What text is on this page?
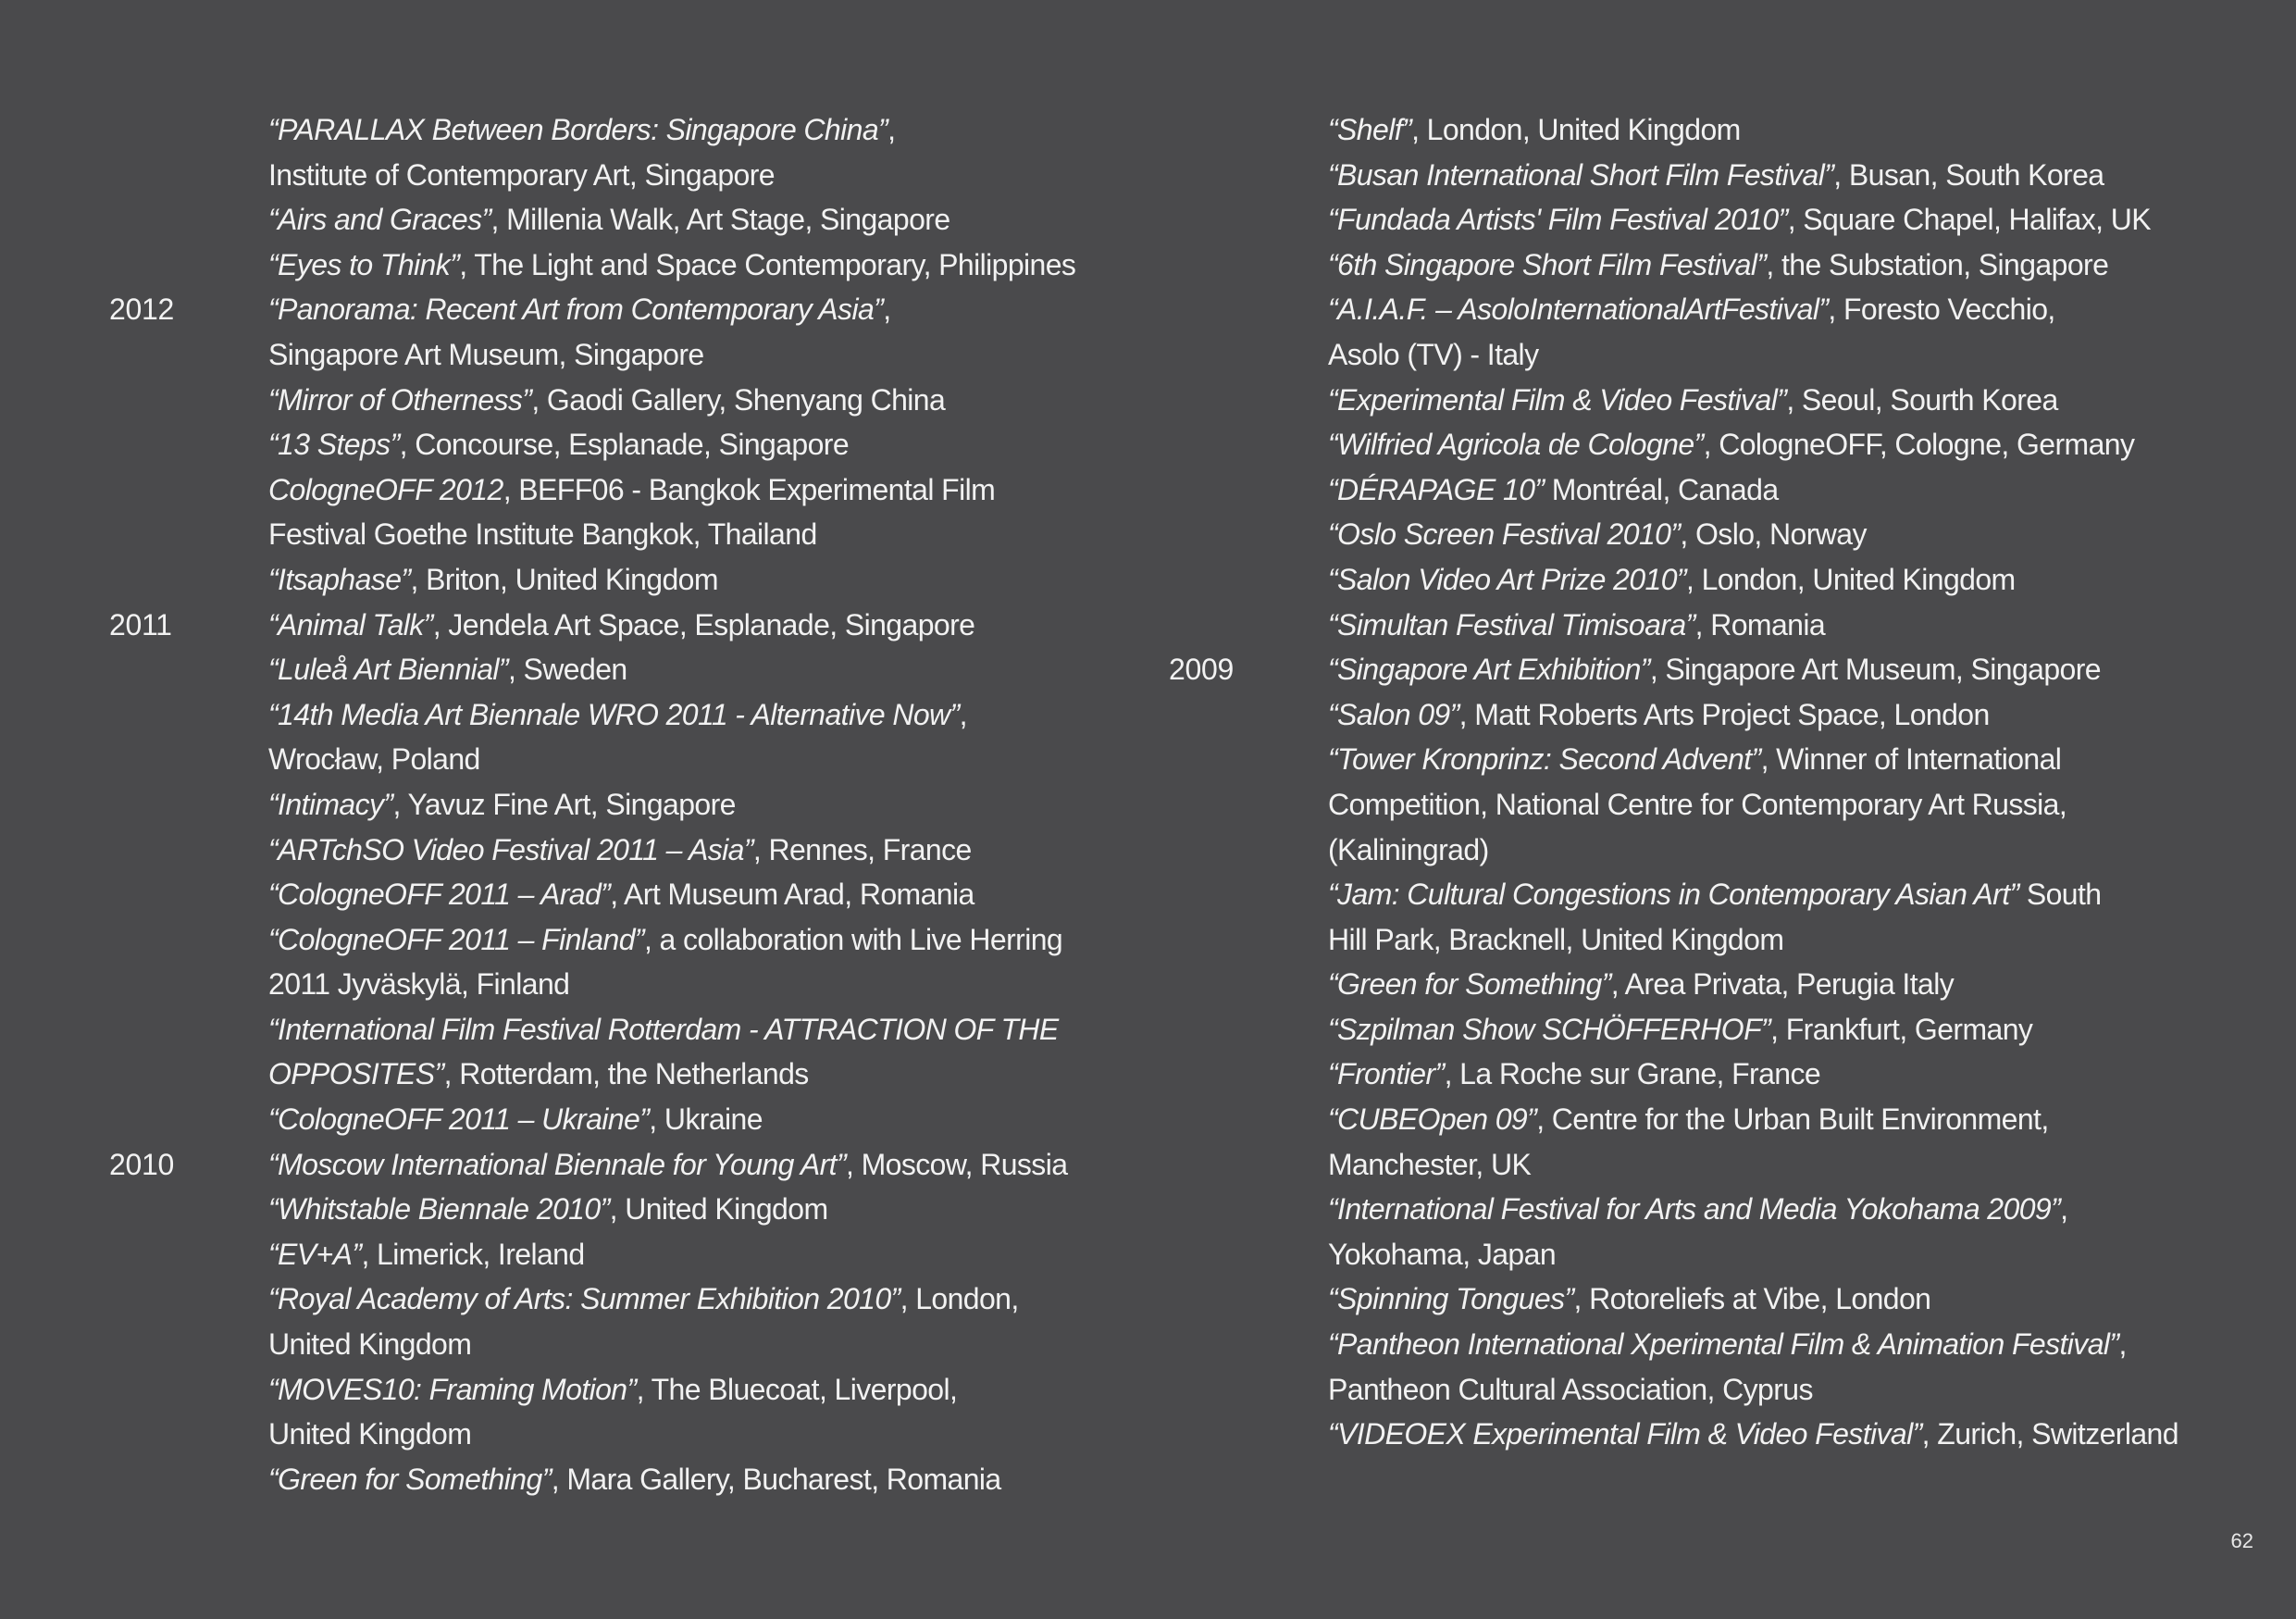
“PARALLAX Between Borders: Singapore China”,
Institute of Contemporary Art, Singapore
“Airs and Graces”, Millenia Walk, Art Stage, Singapore
“Eyes to Think”, The Light and Space Contemporary, Philippines
2012	“Panorama: Recent Art from Contemporary Asia”,
Singapore Art Museum, Singapore
“Mirror of Otherness”, Gaodi Gallery, Shenyang China
“13 Steps”, Concourse, Esplanade, Singapore
CologneOFF 2012, BEFF06 - Bangkok Experimental Film
Festival Goethe Institute Bangkok, Thailand
“Itsaphase”, Briton, United Kingdom
2011	“Animal Talk”, Jendela Art Space, Esplanade, Singapore
“Luleå Art Biennial”, Sweden
“14th Media Art Biennale WRO 2011 - Alternative Now”,
Wrocław, Poland
“Intimacy”, Yavuz Fine Art, Singapore
“ARTchSO Video Festival 2011 – Asia”, Rennes, France
“CologneOFF 2011 – Arad”, Art Museum Arad, Romania
“CologneOFF 2011 – Finland”, a collaboration with Live Herring
2011 Jyväskylä, Finland
“International Film Festival Rotterdam - ATTRACTION OF THE
OPPOSITES”, Rotterdam, the Netherlands
“CologneOFF 2011 – Ukraine”, Ukraine
2010	“Moscow International Biennale for Young Art”, Moscow, Russia
“Whitstable Biennale 2010”, United Kingdom
“EV+A”, Limerick, Ireland
“Royal Academy of Arts: Summer Exhibition 2010”, London,
United Kingdom
“MOVES10: Framing Motion”, The Bluecoat, Liverpool,
United Kingdom
“Green for Something”, Mara Gallery, Bucharest, Romania
“Shelf”, London, United Kingdom
“Busan International Short Film Festival”, Busan, South Korea
“Fundada Artists' Film Festival 2010”, Square Chapel, Halifax, UK
“6th Singapore Short Film Festival”, the Substation, Singapore
“A.I.A.F. – AsoloInternationalArtFestival”, Foresto Vecchio,
Asolo (TV) - Italy
“Experimental Film & Video Festival”, Seoul, Sourth Korea
“Wilfried Agricola de Cologne”, CologneOFF, Cologne, Germany
“DÉRAPAGE 10” Montréal, Canada
“Oslo Screen Festival 2010”, Oslo, Norway
“Salon Video Art Prize 2010”, London, United Kingdom
“Simultan Festival Timisoara”, Romania
2009	“Singapore Art Exhibition”, Singapore Art Museum, Singapore
“Salon 09”, Matt Roberts Arts Project Space, London
“Tower Kronprinz: Second Advent”, Winner of International
Competition, National Centre for Contemporary Art Russia,
(Kaliningrad)
“Jam: Cultural Congestions in Contemporary Asian Art” South
Hill Park, Bracknell, United Kingdom
“Green for Something”, Area Privata, Perugia Italy
“Szpilman Show SCHÖFFERHOF”, Frankfurt, Germany
“Frontier”, La Roche sur Grane, France
“CUBEOpen 09”, Centre for the Urban Built Environment,
Manchester, UK
“International Festival for Arts and Media Yokohama 2009”,
Yokohama, Japan
“Spinning Tongues”, Rotoreliefs at Vibe, London
“Pantheon International Xperimental Film & Animation Festival”,
Pantheon Cultural Association, Cyprus
“VIDEOEX Experimental Film & Video Festival”, Zurich, Switzerland
62
